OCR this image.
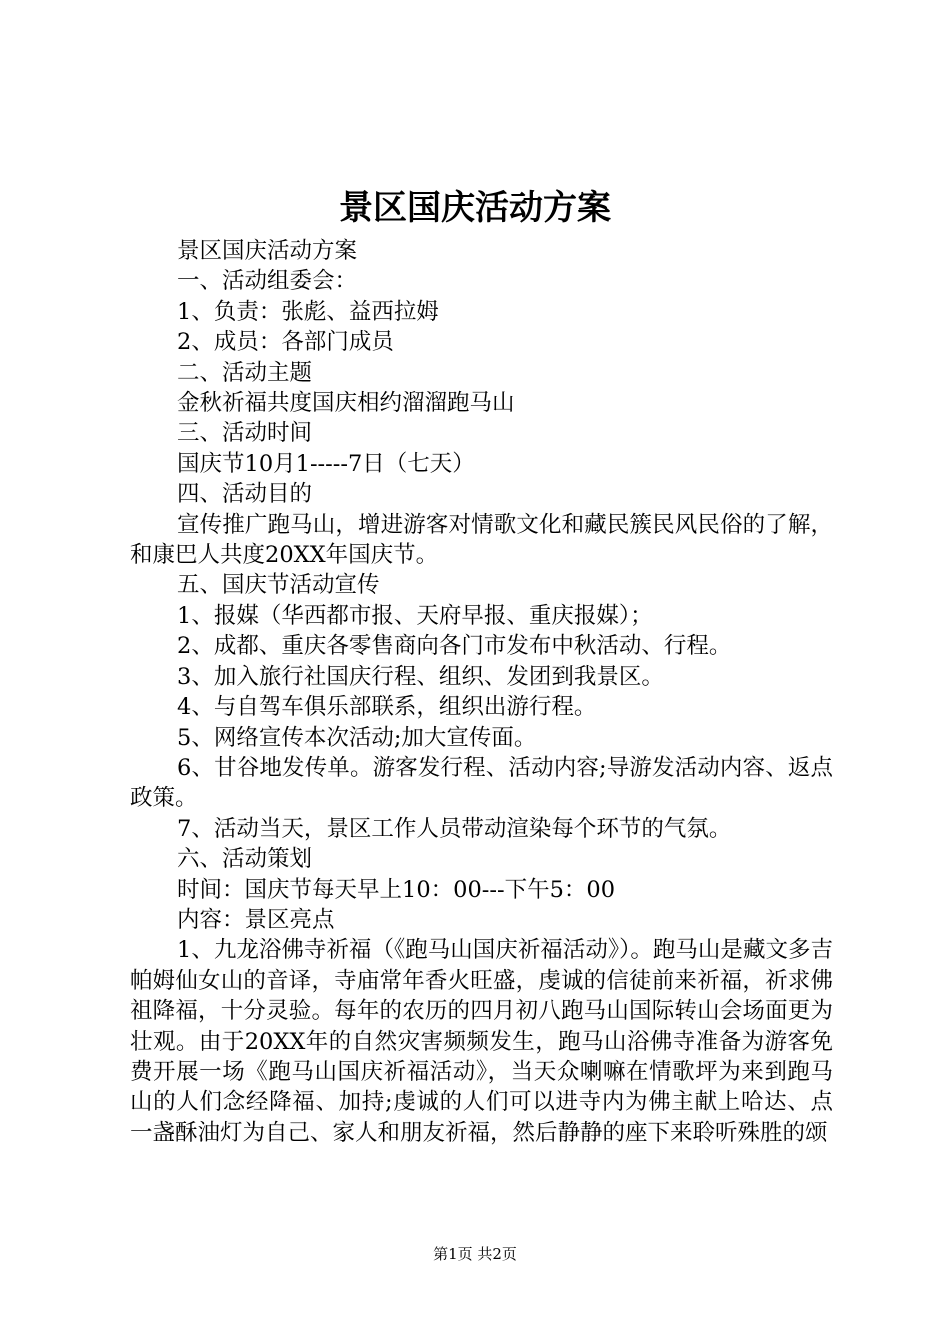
景区国庆活动方案

景区国庆活动方案

一、活动组委会：

1、负责：张彪、益西拉姆

2、成员：各部门成员

二、活动主题

金秋祈福共度国庆相约溜溜跑马山

三、活动时间

国庆节10月1-----7日（七天）

四、活动目的

宣传推广跑马山，增进游客对情歌文化和藏民簇民风民俗的了解，和康巴人共度20XX年国庆节。

五、国庆节活动宣传

1、报媒（华西都市报、天府早报、重庆报媒）；

2、成都、重庆各零售商向各门市发布中秋活动、行程。

3、加入旅行社国庆行程、组织、发团到我景区。

4、与自驾车俱乐部联系，组织出游行程。

5、网络宣传本次活动;加大宣传面。

6、甘谷地发传单。游客发行程、活动内容;导游发活动内容、返点政策。

7、活动当天，景区工作人员带动渲染每个环节的气氛。

六、活动策划

时间：国庆节每天早上10：00---下午5：00

内容：景区亮点

1、九龙浴佛寺祈福（《跑马山国庆祈福活动》）。跑马山是藏文多吉帕姆仙女山的音译，寺庙常年香火旺盛，虔诚的信徒前来祈福，祈求佛祖降福，十分灵验。每年的农历的四月初八跑马山国际转山会场面更为壮观。由于20XX年的自然灾害频频发生，跑马山浴佛寺准备为游客免费开展一场《跑马山国庆祈福活动》，当天众喇嘛在情歌坪为来到跑马山的人们念经降福、加持;虔诚的人们可以进寺内为佛主献上哈达、点一盏酥油灯为自己、家人和朋友祈福，然后静静的座下来聆听殊胜的颂

第1页 共2页
